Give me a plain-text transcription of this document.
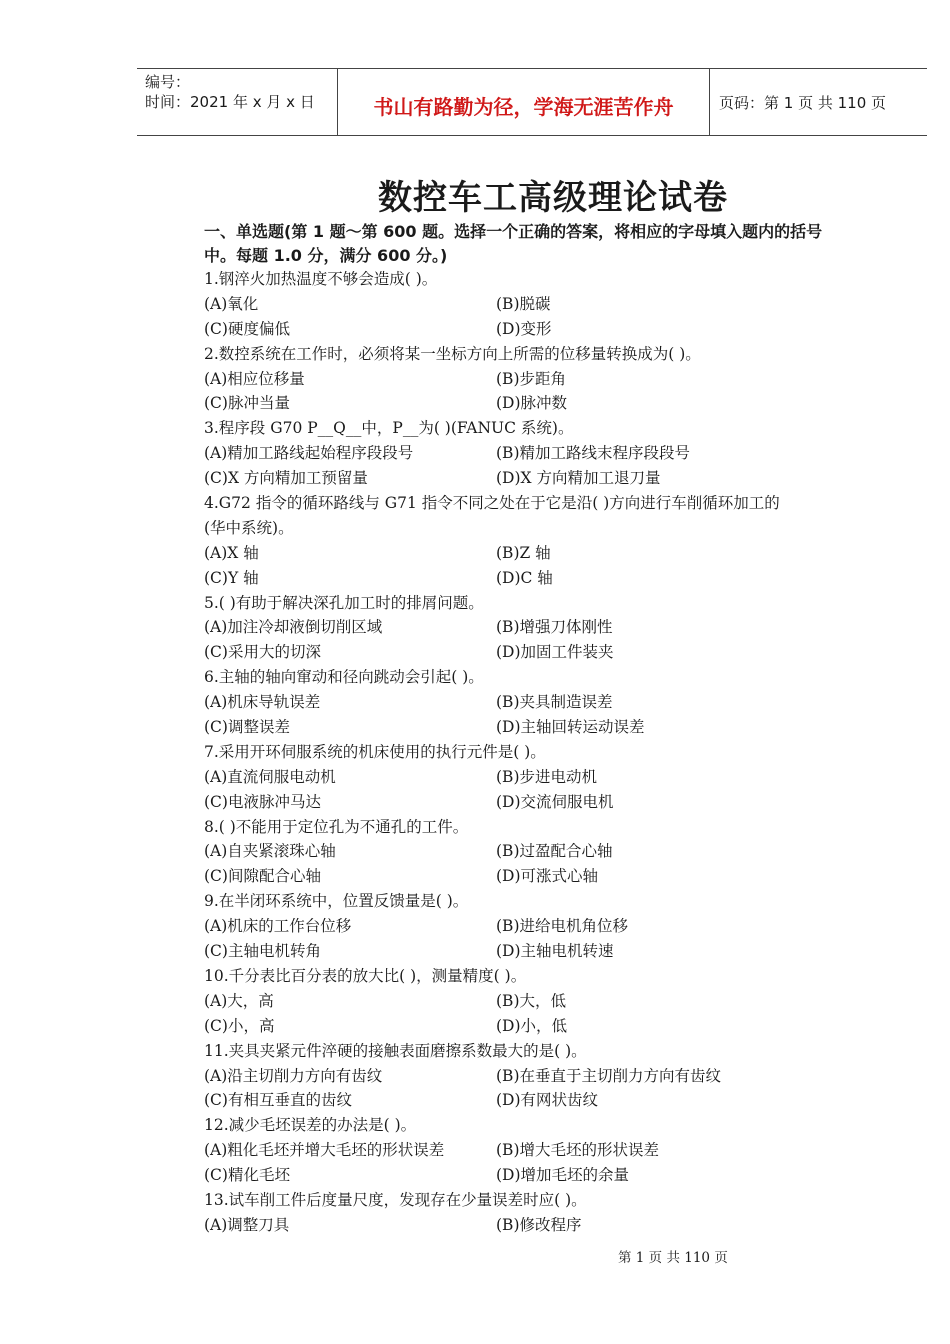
编号：
时间：2021 年 x 月 x 日	书山有路勤为径，学海无涯苦作舟	页码：第 1 页 共 110 页
数控车工高级理论试卷
一、单选题(第 1 题～第 600 题。选择一个正确的答案，将相应的字母填入题内的括号
中。每题 1.0 分，满分 600 分。)
1.钢淬火加热温度不够会造成( )。
(A)氧化	(B)脱碳
(C)硬度偏低	(D)变形
2.数控系统在工作时，必须将某一坐标方向上所需的位移量转换成为( )。
(A)相应位移量	(B)步距角
(C)脉冲当量	(D)脉冲数
3.程序段 G70 P__Q__中，P__为( )(FANUC 系统)。
(A)精加工路线起始程序段段号	(B)精加工路线末程序段段号
(C)X 方向精加工预留量	(D)X 方向精加工退刀量
4.G72 指令的循环路线与 G71 指令不同之处在于它是沿( )方向进行车削循环加工的
(华中系统)。
(A)X 轴	(B)Z 轴
(C)Y 轴	(D)C 轴
5.( )有助于解决深孔加工时的排屑问题。
(A)加注冷却液倒切削区域	(B)增强刀体刚性
(C)采用大的切深	(D)加固工件装夹
6.主轴的轴向窜动和径向跳动会引起( )。
(A)机床导轨误差	(B)夹具制造误差
(C)调整误差	(D)主轴回转运动误差
7.采用开环伺服系统的机床使用的执行元件是( )。
(A)直流伺服电动机	(B)步进电动机
(C)电液脉冲马达	(D)交流伺服电机
8.( )不能用于定位孔为不通孔的工件。
(A)自夹紧滚珠心轴	(B)过盈配合心轴
(C)间隙配合心轴	(D)可涨式心轴
9.在半闭环系统中，位置反馈量是( )。
(A)机床的工作台位移	(B)进给电机角位移
(C)主轴电机转角	(D)主轴电机转速
10.千分表比百分表的放大比( )，测量精度( )。
(A)大，高	(B)大，低
(C)小，高	(D)小，低
11.夹具夹紧元件淬硬的接触表面磨擦系数最大的是( )。
(A)沿主切削力方向有齿纹	(B)在垂直于主切削力方向有齿纹
(C)有相互垂直的齿纹	(D)有网状齿纹
12.减少毛坯误差的办法是( )。
(A)粗化毛坯并增大毛坯的形状误差	(B)增大毛坯的形状误差
(C)精化毛坯	(D)增加毛坯的余量
13.试车削工件后度量尺度，发现存在少量误差时应( )。
(A)调整刀具	(B)修改程序
第 1 页 共 110 页
